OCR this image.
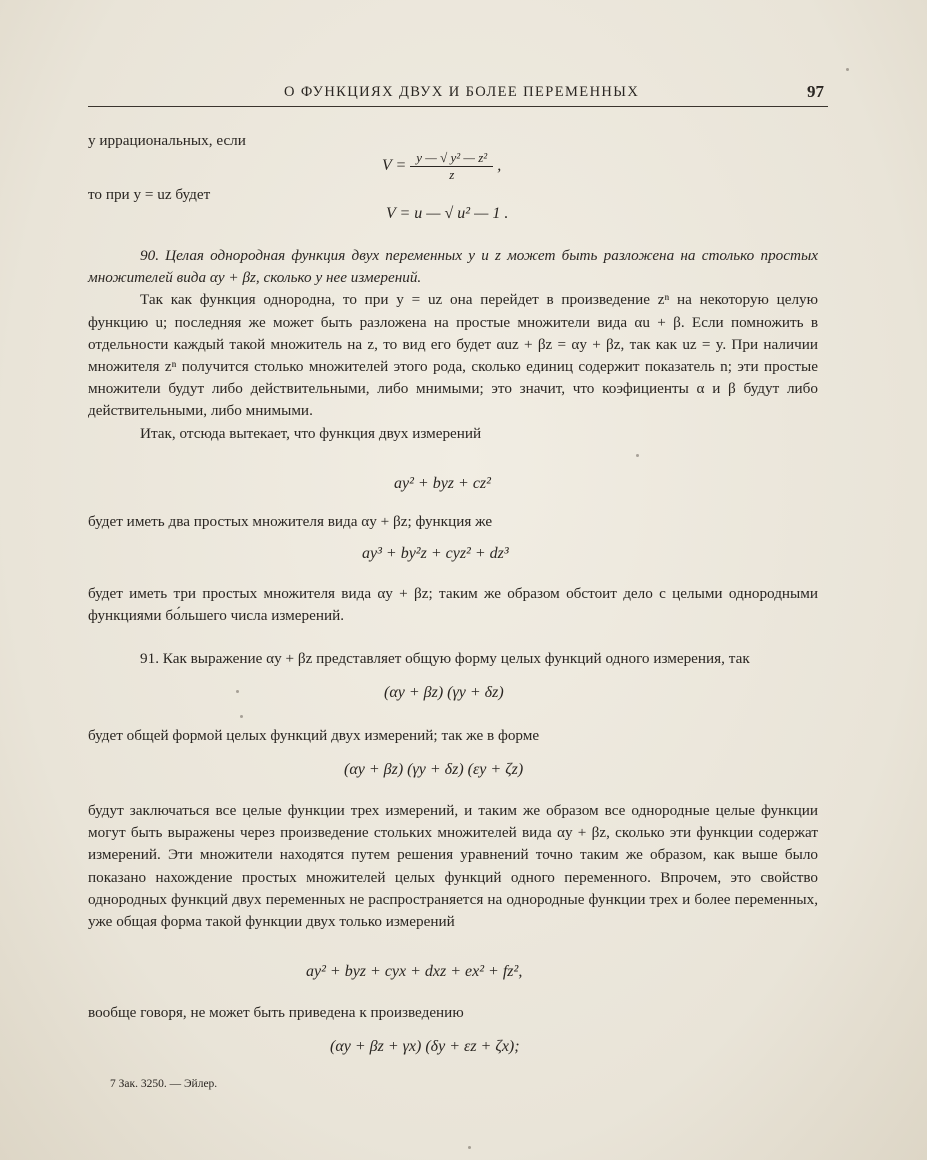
О ФУНКЦИЯХ ДВУХ И БОЛЕЕ ПЕРЕМЕННЫХ	97
у иррациональных, если
$V = \frac{\text{y — √ y² — z²}}{z}$ ,
то при y = uz будет
V = u — √ u² — 1 .

90. Целая однородная функция двух переменных y и z может быть разложена на столько простых множителей вида αy + βz, сколько у нее измерений.

Так как функция однородна, то при y = uz она перейдет в произведение zⁿ на некоторую целую функцию u; последняя же может быть разложена на простые множители вида αu + β. Если помножить в отдельности каждый такой множитель на z, то вид его будет αuz + βz = αy + βz, так как uz = y. При наличии множителя zⁿ получится столько множителей этого рода, сколько единиц содержит показатель n; эти простые множители будут либо действительными, либо мнимыми; это значит, что коэфициенты α и β будут либо действительными, либо мнимыми.

Итак, отсюда вытекает, что функция двух измерений

ay² + byz + cz²

будет иметь два простых множителя вида αy + βz; функция же

ay³ + by²z + cyz² + dz³

будет иметь три простых множителя вида αy + βz; таким же образом обстоит дело с целыми однородными функциями бо́льшего числа измерений.

91. Как выражение αy + βz представляет общую форму целых функций одного измерения, так

(αy + βz) (γy + δz)

будет общей формой целых функций двух измерений; так же в форме

(αy + βz) (γy + δz) (εy + ζz)

будут заключаться все целые функции трех измерений, и таким же образом все однородные целые функции могут быть выражены через произведение стольких множителей вида αy + βz, сколько эти функции содержат измерений. Эти множители находятся путем решения уравнений точно таким же образом, как выше было показано нахождение простых множителей целых функций одного переменного. Впрочем, это свойство однородных функций двух переменных не распространяется на однородные функции трех и более переменных, уже общая форма такой функции двух только измерений

ay² + byz + cyx + dxz + ex² + fz²,

вообще говоря, не может быть приведена к произведению

(αy + βz + γx) (δy + εz + ζx);
7 Зак. 3250. — Эйлер.
